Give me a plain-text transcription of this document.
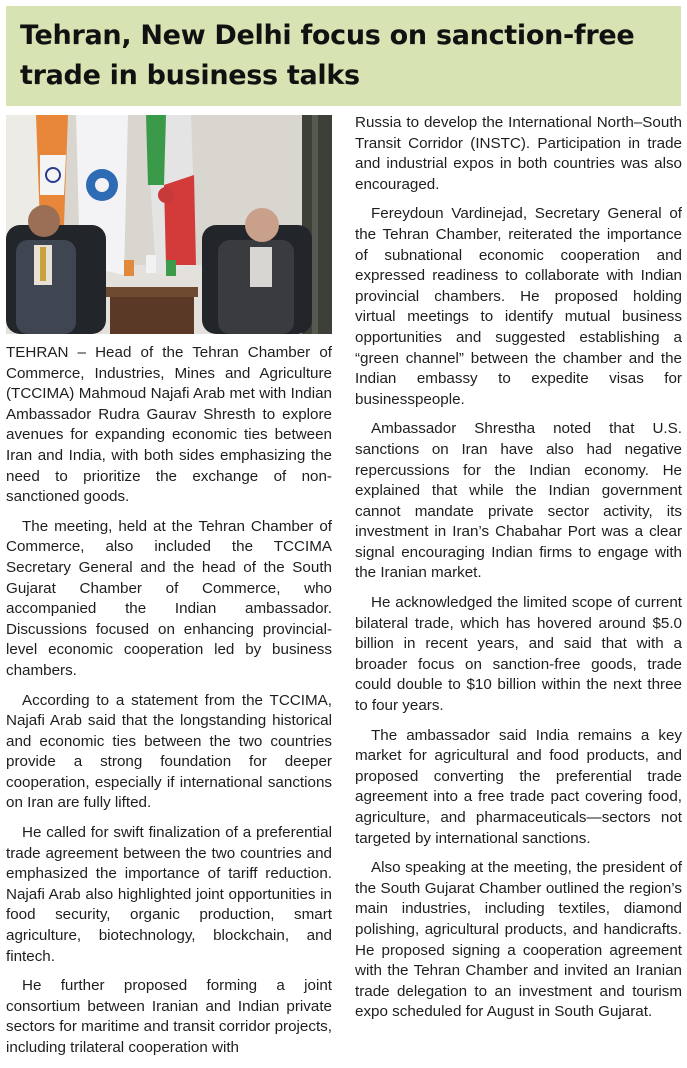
Tehran, New Delhi focus on sanction-free trade in business talks

TEHRAN – Head of the Tehran Chamber of Commerce, Industries, Mines and Agriculture (TCCIMA) Mahmoud Najafi Arab met with Indian Ambassador Rudra Gaurav Shresth to explore avenues for expanding economic ties between Iran and India, with both sides emphasizing the need to prioritize the exchange of non-sanctioned goods.

The meeting, held at the Tehran Chamber of Commerce, also included the TCCIMA Secretary General and the head of the South Gujarat Chamber of Commerce, who accompanied the Indian ambassador. Discussions focused on enhancing provincial-level economic cooperation led by business chambers.

According to a statement from the TCCIMA, Najafi Arab said that the longstanding historical and economic ties between the two countries provide a strong foundation for deeper cooperation, especially if international sanctions on Iran are fully lifted.

He called for swift finalization of a preferential trade agreement between the two countries and emphasized the importance of tariff reduction. Najafi Arab also highlighted joint opportunities in food security, organic production, smart agriculture, biotechnology, blockchain, and fintech.

He further proposed forming a joint consortium between Iranian and Indian private sectors for maritime and transit corridor projects, including trilateral cooperation with

Russia to develop the International North–South Transit Corridor (INSTC). Participation in trade and industrial expos in both countries was also encouraged.

Fereydoun Vardinejad, Secretary General of the Tehran Chamber, reiterated the importance of subnational economic cooperation and expressed readiness to collaborate with Indian provincial chambers. He proposed holding virtual meetings to identify mutual business opportunities and suggested establishing a “green channel” between the chamber and the Indian embassy to expedite visas for businesspeople.

Ambassador Shrestha noted that U.S. sanctions on Iran have also had negative repercussions for the Indian economy. He explained that while the Indian government cannot mandate private sector activity, its investment in Iran’s Chabahar Port was a clear signal encouraging Indian firms to engage with the Iranian market.

He acknowledged the limited scope of current bilateral trade, which has hovered around $5.0 billion in recent years, and said that with a broader focus on sanction-free goods, trade could double to $10 billion within the next three to four years.

The ambassador said India remains a key market for agricultural and food products, and proposed converting the preferential trade agreement into a free trade pact covering food, agriculture, and pharmaceuticals—sectors not targeted by international sanctions.

Also speaking at the meeting, the president of the South Gujarat Chamber outlined the region’s main industries, including textiles, diamond polishing, agricultural products, and handicrafts. He proposed signing a cooperation agreement with the Tehran Chamber and invited an Iranian trade delegation to an investment and tourism expo scheduled for August in South Gujarat.
